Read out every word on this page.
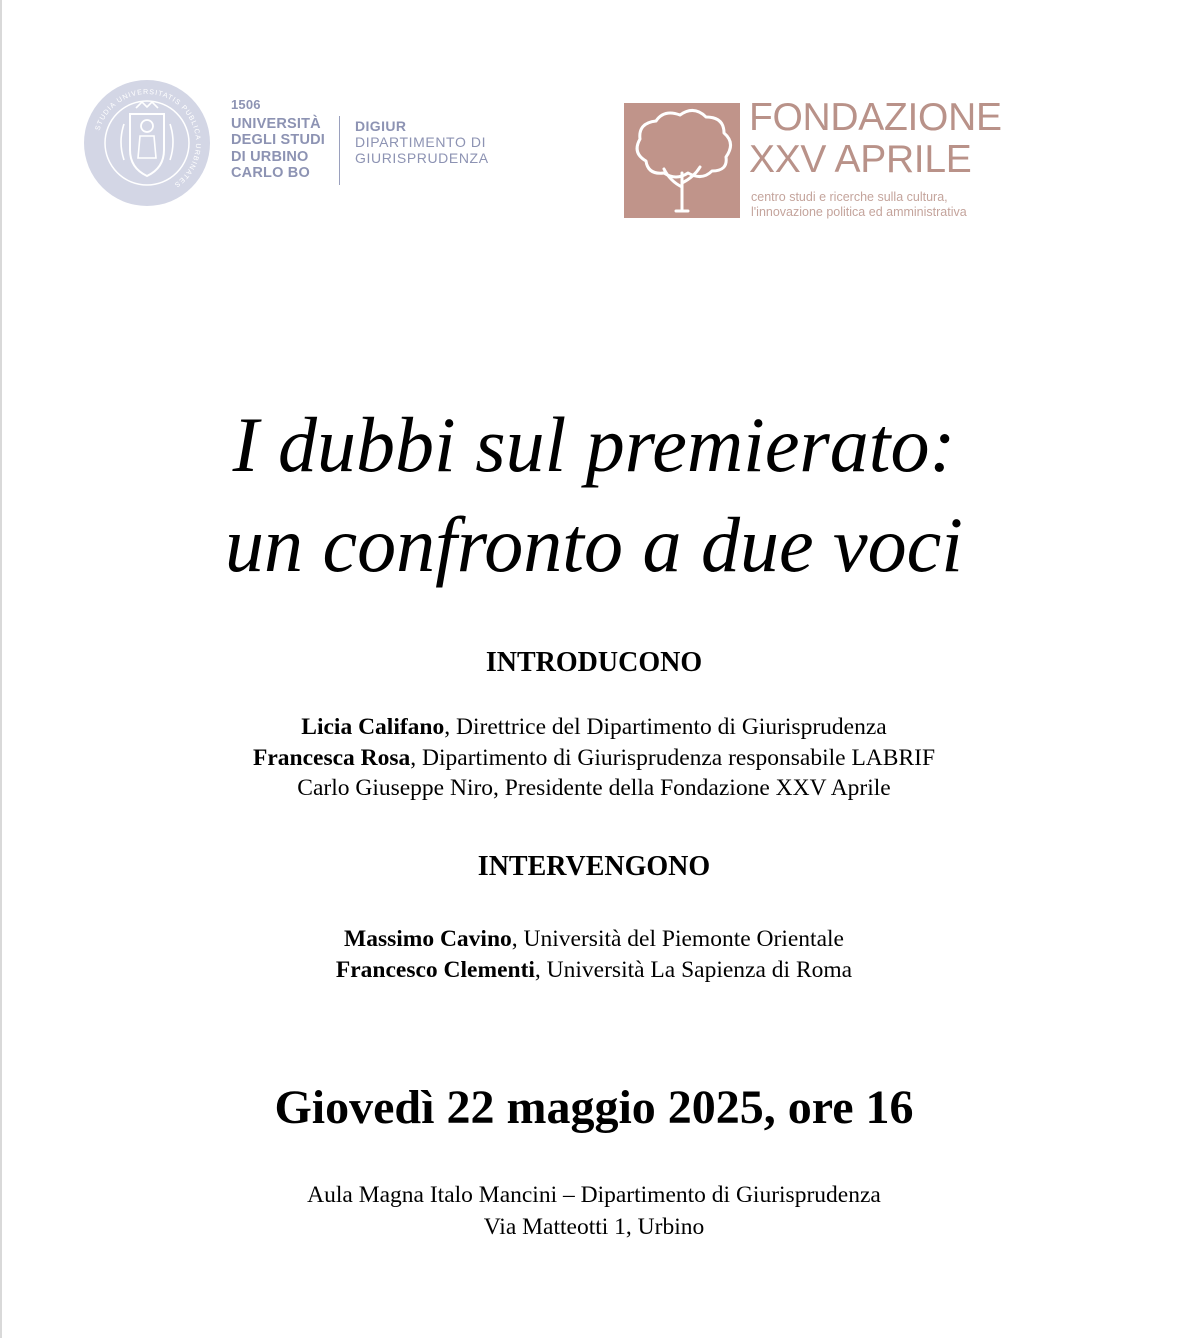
STUDIA UNIVERSITATIS PUBLICA URBINATES
1506
UNIVERSITÀ
DEGLI STUDI
DI URBINO
CARLO BO
DIGIUR
DIPARTIMENTO DI
GIURISPRUDENZA
FONDAZIONE
XXV APRILE
centro studi e ricerche sulla cultura,
l'innovazione politica ed amministrativa
I dubbi sul premierato:
un confronto a due voci
INTRODUCONO
Licia Califano, Direttrice del Dipartimento di Giurisprudenza
Francesca Rosa, Dipartimento di Giurisprudenza responsabile LABRIF
Carlo Giuseppe Niro, Presidente della Fondazione XXV Aprile
INTERVENGONO
Massimo Cavino, Università del Piemonte Orientale
Francesco Clementi, Università La Sapienza di Roma
Giovedì 22 maggio 2025, ore 16
Aula Magna Italo Mancini – Dipartimento di Giurisprudenza
Via Matteotti 1, Urbino
